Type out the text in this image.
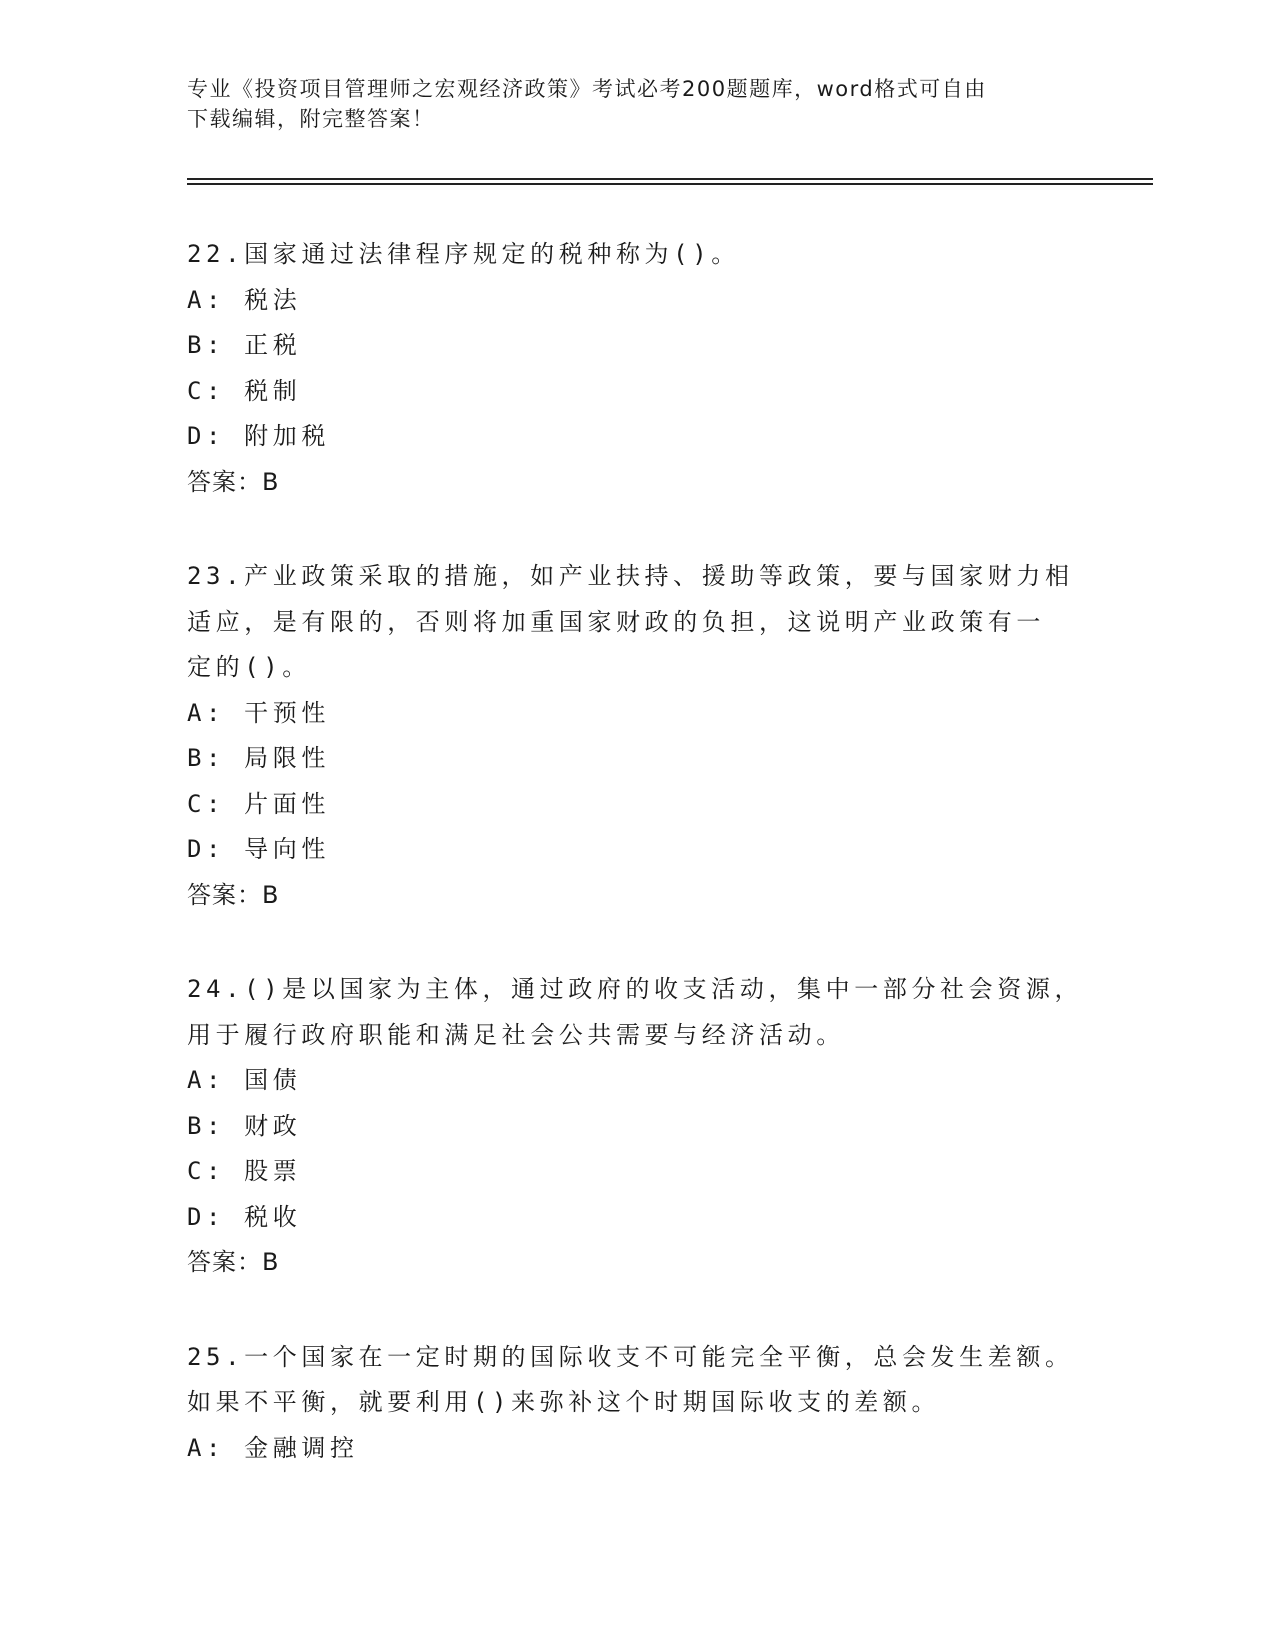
专业《投资项目管理师之宏观经济政策》考试必考200题题库，word格式可自由
下载编辑，附完整答案！
22.国家通过法律程序规定的税种称为()。
A: 税法
B: 正税
C: 税制
D: 附加税
答案：B
23.产业政策采取的措施，如产业扶持、援助等政策，要与国家财力相
适应，是有限的，否则将加重国家财政的负担，这说明产业政策有一
定的()。
A: 干预性
B: 局限性
C: 片面性
D: 导向性
答案：B
24.()是以国家为主体，通过政府的收支活动，集中一部分社会资源，
用于履行政府职能和满足社会公共需要与经济活动。
A: 国债
B: 财政
C: 股票
D: 税收
答案：B
25.一个国家在一定时期的国际收支不可能完全平衡，总会发生差额。
如果不平衡，就要利用()来弥补这个时期国际收支的差额。
A: 金融调控
